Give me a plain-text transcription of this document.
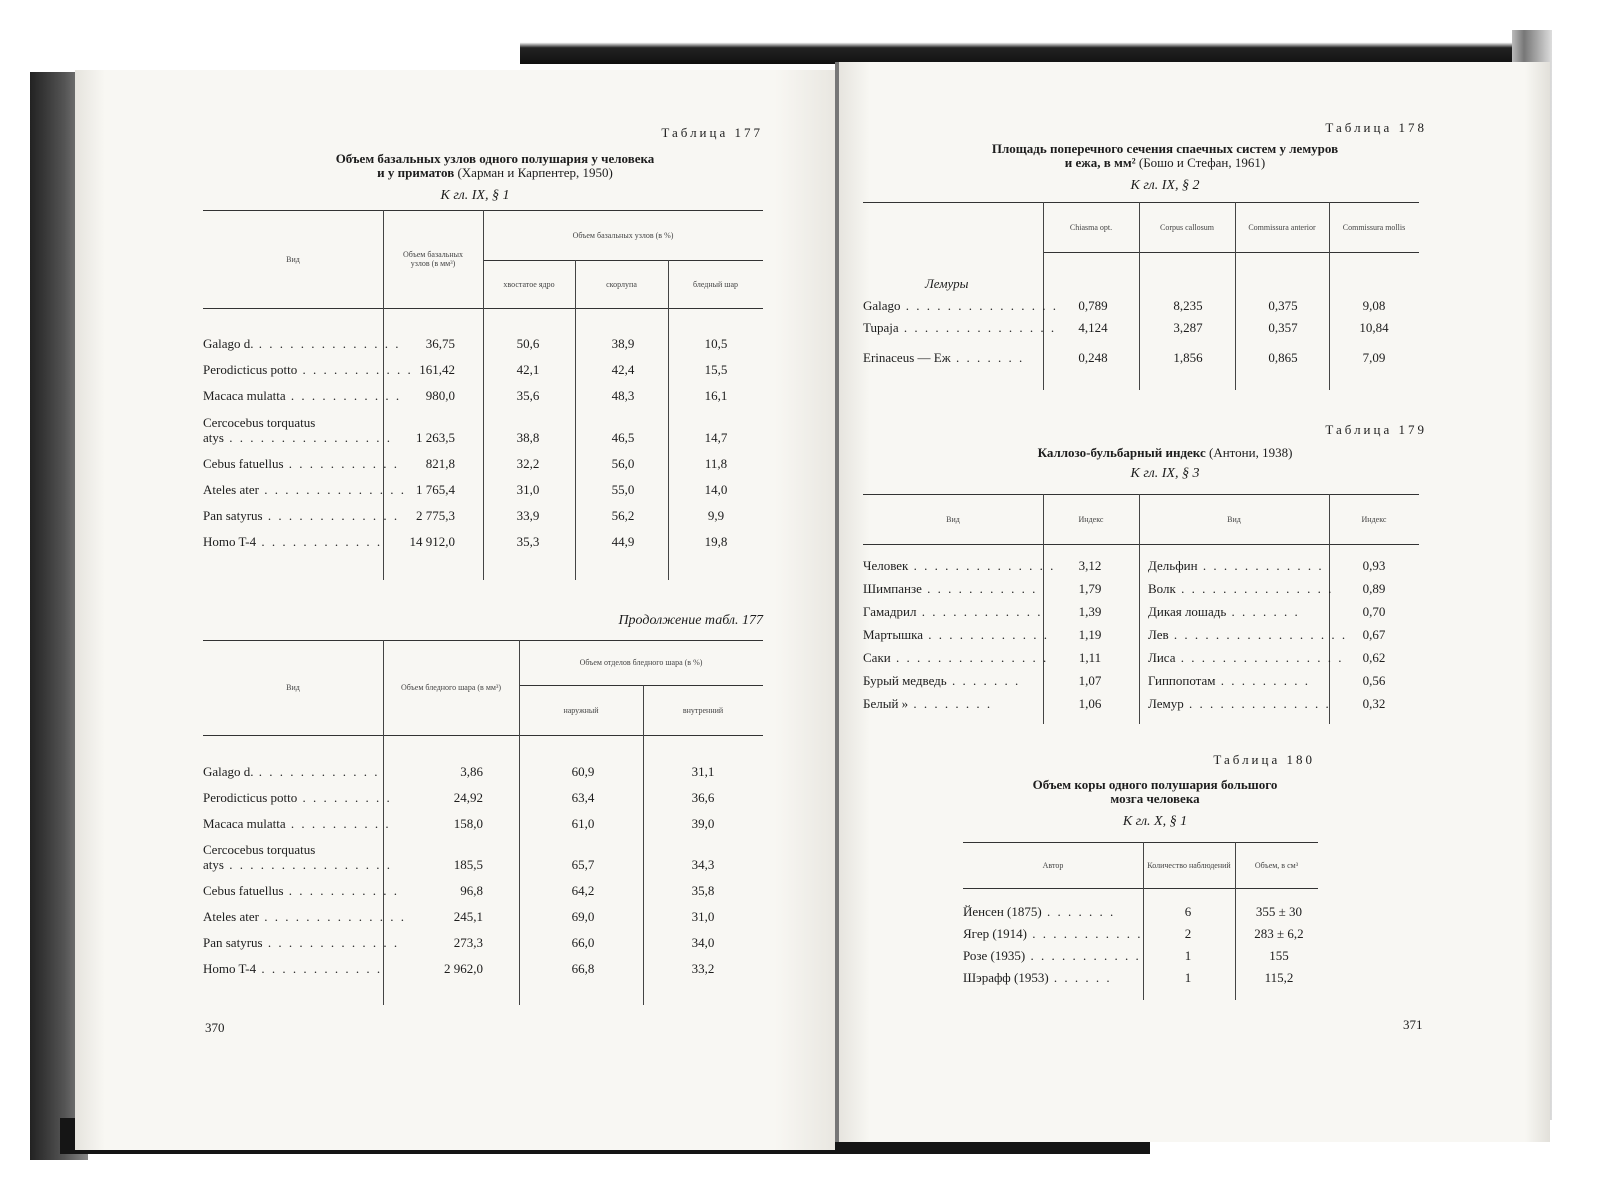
Таблица 177
Объем базальных узлов одного полушария у человека
и у приматов (Харман и Карпентер, 1950)
К гл. IX, § 1
Вид	Объем базальных узлов (в мм³)
Объем базальных узлов (в %)
хвостатое ядро	скорлупа	бледный шар
Galago d. . . . . . . . . . . . . . .	36,75	50,6	38,9	10,5
Perodicticus potto . . . . . . . . . . . 161,42	42,1	42,4	15,5
Macaca mulatta . . . . . . . . . . .	980,0	35,6	48,3	16,1
Cercocebus torquatus
atys . . . . . . . . . . . . . . . .	1 263,5	38,8	46,5	14,7
Cebus fatuellus . . . . . . . . . . .	821,8	32,2	56,0	11,8
Ateles ater . . . . . . . . . . . . . . 1 765,4	31,0	55,0	14,0
Pan satyrus . . . . . . . . . . . . .	2 775,3	33,9	56,2	9,9
Homo T-4 . . . . . . . . . . . .	14 912,0	35,3	44,9	19,8
Продолжение табл. 177
Вид	Объем бледного шара (в мм³)
Объем отделов бледного шара (в %)
наружный	внутренний
Galago d. . . . . . . . . . . . .	3,86	60,9	31,1
Perodicticus potto . . . . . . . . .	24,92	63,4	36,6
Macaca mulatta . . . . . . . . . .	158,0	61,0	39,0
Cercocebus torquatus
atys . . . . . . . . . . . . . . . .	185,5	65,7	34,3
Cebus fatuellus . . . . . . . . . . .	96,8	64,2	35,8
Ateles ater . . . . . . . . . . . . . .	245,1	69,0	31,0
Pan satyrus . . . . . . . . . . . . .	273,3	66,0	34,0
Homo T-4 . . . . . . . . . . . .	2 962,0	66,8	33,2
370
Таблица 178
Площадь поперечного сечения спаечных систем у лемуров
и ежа, в мм² (Бошо и Стефан, 1961)
К гл. IX, § 2
Chiasma opt.	Corpus callosum	Commissura anterior	Commissura mollis
Лемуры
Galago . . . . . . . . . . . . . . .	0,789	8,235	0,375	9,08
Tupaja . . . . . . . . . . . . . . .	4,124	3,287	0,357	10,84
Erinaceus — Еж . . . . . . .	0,248	1,856	0,865	7,09
Таблица 179
Каллозо-бульбарный индекс (Антони, 1938)
К гл. IX, § 3
Вид	Индекс	Вид	Индекс
Человек . . . . . . . . . . . . . .	3,12	Дельфин . . . . . . . . . . . .	0,93
Шимпанзе . . . . . . . . . . .	1,79	Волк . . . . . . . . . . . . . . .	0,89
Гамадрил . . . . . . . . . . . .	1,39	Дикая лошадь . . . . . . .	0,70
Мартышка . . . . . . . . . . . .	1,19	Лев . . . . . . . . . . . . . . . . .	0,67
Саки . . . . . . . . . . . . . . .	1,11	Лиса . . . . . . . . . . . . . . . .	0,62
Бурый медведь . . . . . . .	1,07	Гиппопотам . . . . . . . . .	0,56
Белый » . . . . . . . .	1,06	Лемур . . . . . . . . . . . . . .	0,32
Таблица 180
Объем коры одного полушария большого
мозга человека
К гл. X, § 1
Автор	Количество наблюдений	Объем, в см³
Йенсен (1875) . . . . . . .	6	355 ± 30
Ягер (1914) . . . . . . . . . . .	2	283 ± 6,2
Розе (1935) . . . . . . . . . . .	1	155
Шэрафф (1953) . . . . . .	1	115,2
371
